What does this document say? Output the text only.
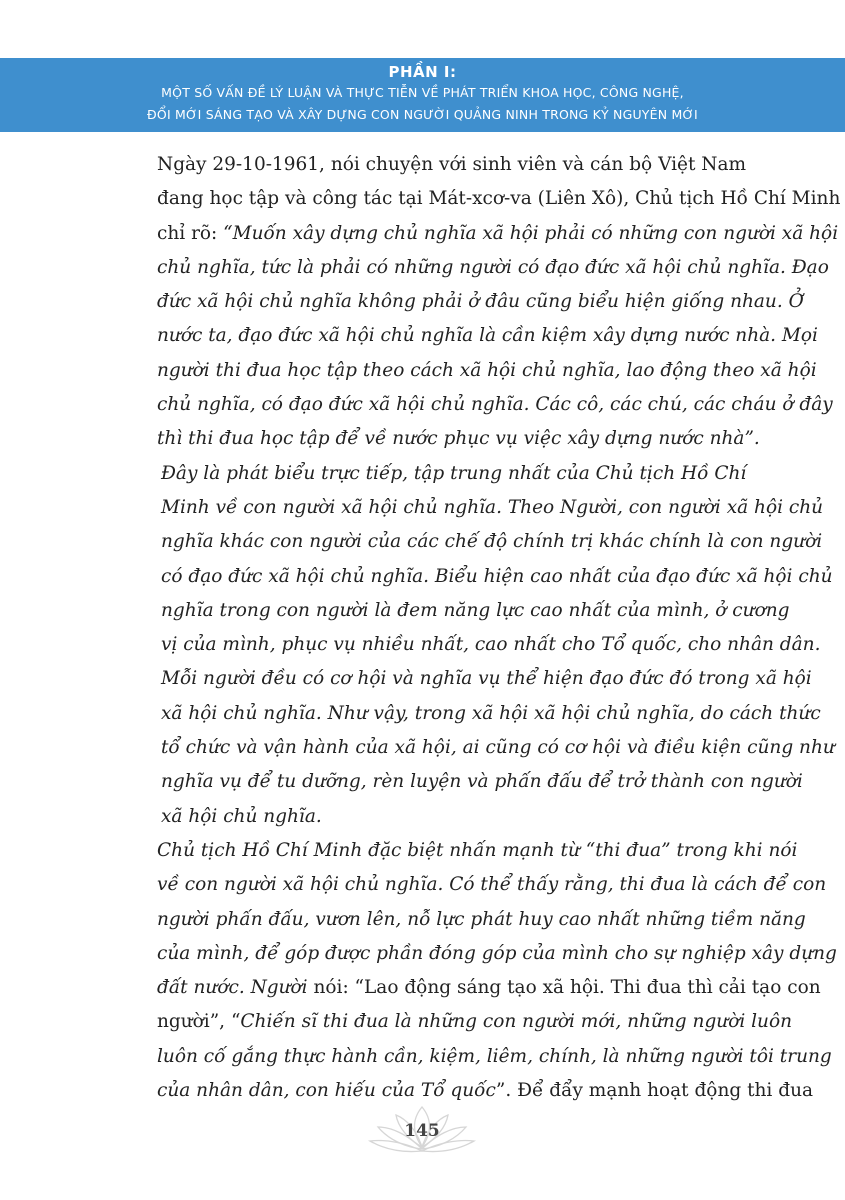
PHẦN I:
MỘT SỐ VẤN ĐỀ LÝ LUẬN VÀ THỰC TIỄN VỀ PHÁT TRIỂN KHOA HỌC, CÔNG NGHỆ,
ĐỔI MỚI SÁNG TẠO VÀ XÂY DỰNG CON NGƯỜI QUẢNG NINH TRONG KỶ NGUYÊN MỚI

Ngày 29-10-1961, nói chuyện với sinh viên và cán bộ Việt Nam
đang học tập và công tác tại Mát-xcơ-va (Liên Xô), Chủ tịch Hồ Chí Minh
chỉ rõ: “Muốn xây dựng chủ nghĩa xã hội phải có những con người xã hội
chủ nghĩa, tức là phải có những người có đạo đức xã hội chủ nghĩa. Đạo
đức xã hội chủ nghĩa không phải ở đâu cũng biểu hiện giống nhau. Ở
nước ta, đạo đức xã hội chủ nghĩa là cần kiệm xây dựng nước nhà. Mọi
người thi đua học tập theo cách xã hội chủ nghĩa, lao động theo xã hội
chủ nghĩa, có đạo đức xã hội chủ nghĩa. Các cô, các chú, các cháu ở đây
thì thi đua học tập để về nước phục vụ việc xây dựng nước nhà”.

Đây là phát biểu trực tiếp, tập trung nhất của Chủ tịch Hồ Chí
Minh về con người xã hội chủ nghĩa. Theo Người, con người xã hội chủ
nghĩa khác con người của các chế độ chính trị khác chính là con người
có đạo đức xã hội chủ nghĩa. Biểu hiện cao nhất của đạo đức xã hội chủ
nghĩa trong con người là đem năng lực cao nhất của mình, ở cương
vị của mình, phục vụ nhiều nhất, cao nhất cho Tổ quốc, cho nhân dân.
Mỗi người đều có cơ hội và nghĩa vụ thể hiện đạo đức đó trong xã hội
xã hội chủ nghĩa. Như vậy, trong xã hội xã hội chủ nghĩa, do cách thức
tổ chức và vận hành của xã hội, ai cũng có cơ hội và điều kiện cũng như
nghĩa vụ để tu dưỡng, rèn luyện và phấn đấu để trở thành con người
xã hội chủ nghĩa.

Chủ tịch Hồ Chí Minh đặc biệt nhấn mạnh từ “thi đua” trong khi nói
về con người xã hội chủ nghĩa. Có thể thấy rằng, thi đua là cách để con
người phấn đấu, vươn lên, nỗ lực phát huy cao nhất những tiềm năng
của mình, để góp được phần đóng góp của mình cho sự nghiệp xây dựng
đất nước. Người nói: “Lao động sáng tạo xã hội. Thi đua thì cải tạo con
người”, “Chiến sĩ thi đua là những con người mới, những người luôn
luôn cố gắng thực hành cần, kiệm, liêm, chính, là những người tôi trung
của nhân dân, con hiếu của Tổ quốc”. Để đẩy mạnh hoạt động thi đua

145
